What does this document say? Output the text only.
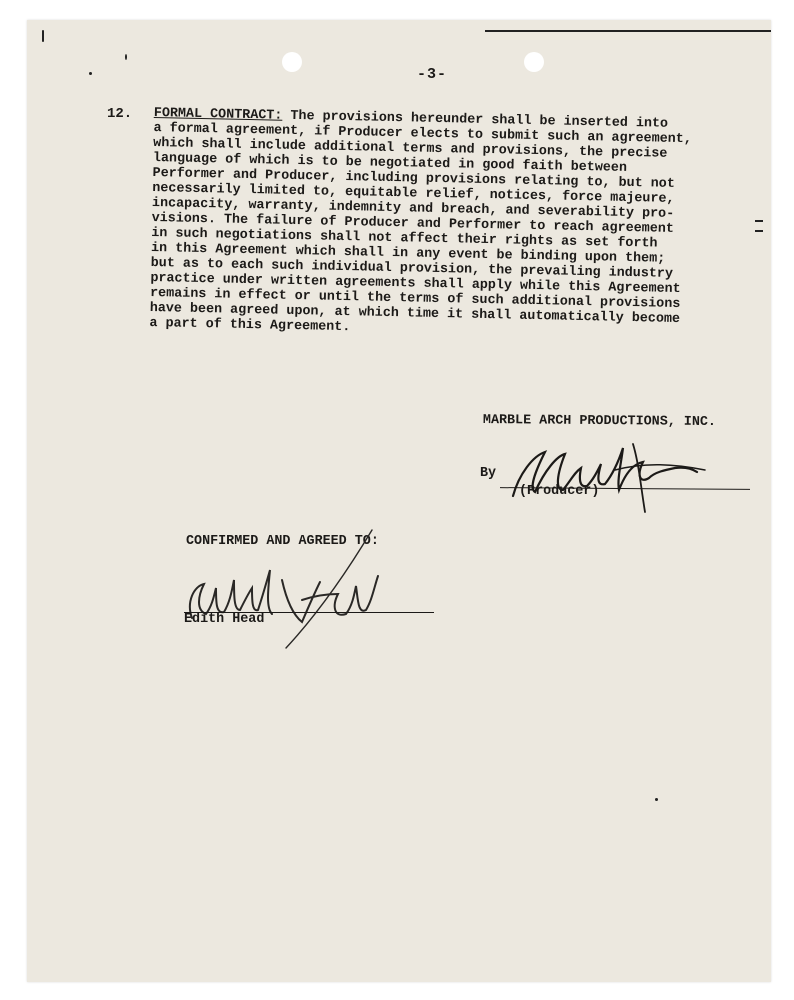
-3-
12.	FORMAL CONTRACT: The provisions hereunder shall be inserted into
a formal agreement, if Producer elects to submit such an agreement,
which shall include additional terms and provisions, the precise
language of which is to be negotiated in good faith between
Performer and Producer, including provisions relating to, but not
necessarily limited to, equitable relief, notices, force majeure,
incapacity, warranty, indemnity and breach, and severability pro-
visions. The failure of Producer and Performer to reach agreement
in such negotiations shall not affect their rights as set forth
in this Agreement which shall in any event be binding upon them;
but as to each such individual provision, the prevailing industry
practice under written agreements shall apply while this Agreement
remains in effect or until the terms of such additional provisions
have been agreed upon, at which time it shall automatically become
a part of this Agreement.
MARBLE ARCH PRODUCTIONS, INC.
By
(Producer)
CONFIRMED AND AGREED TO:
Edith Head
